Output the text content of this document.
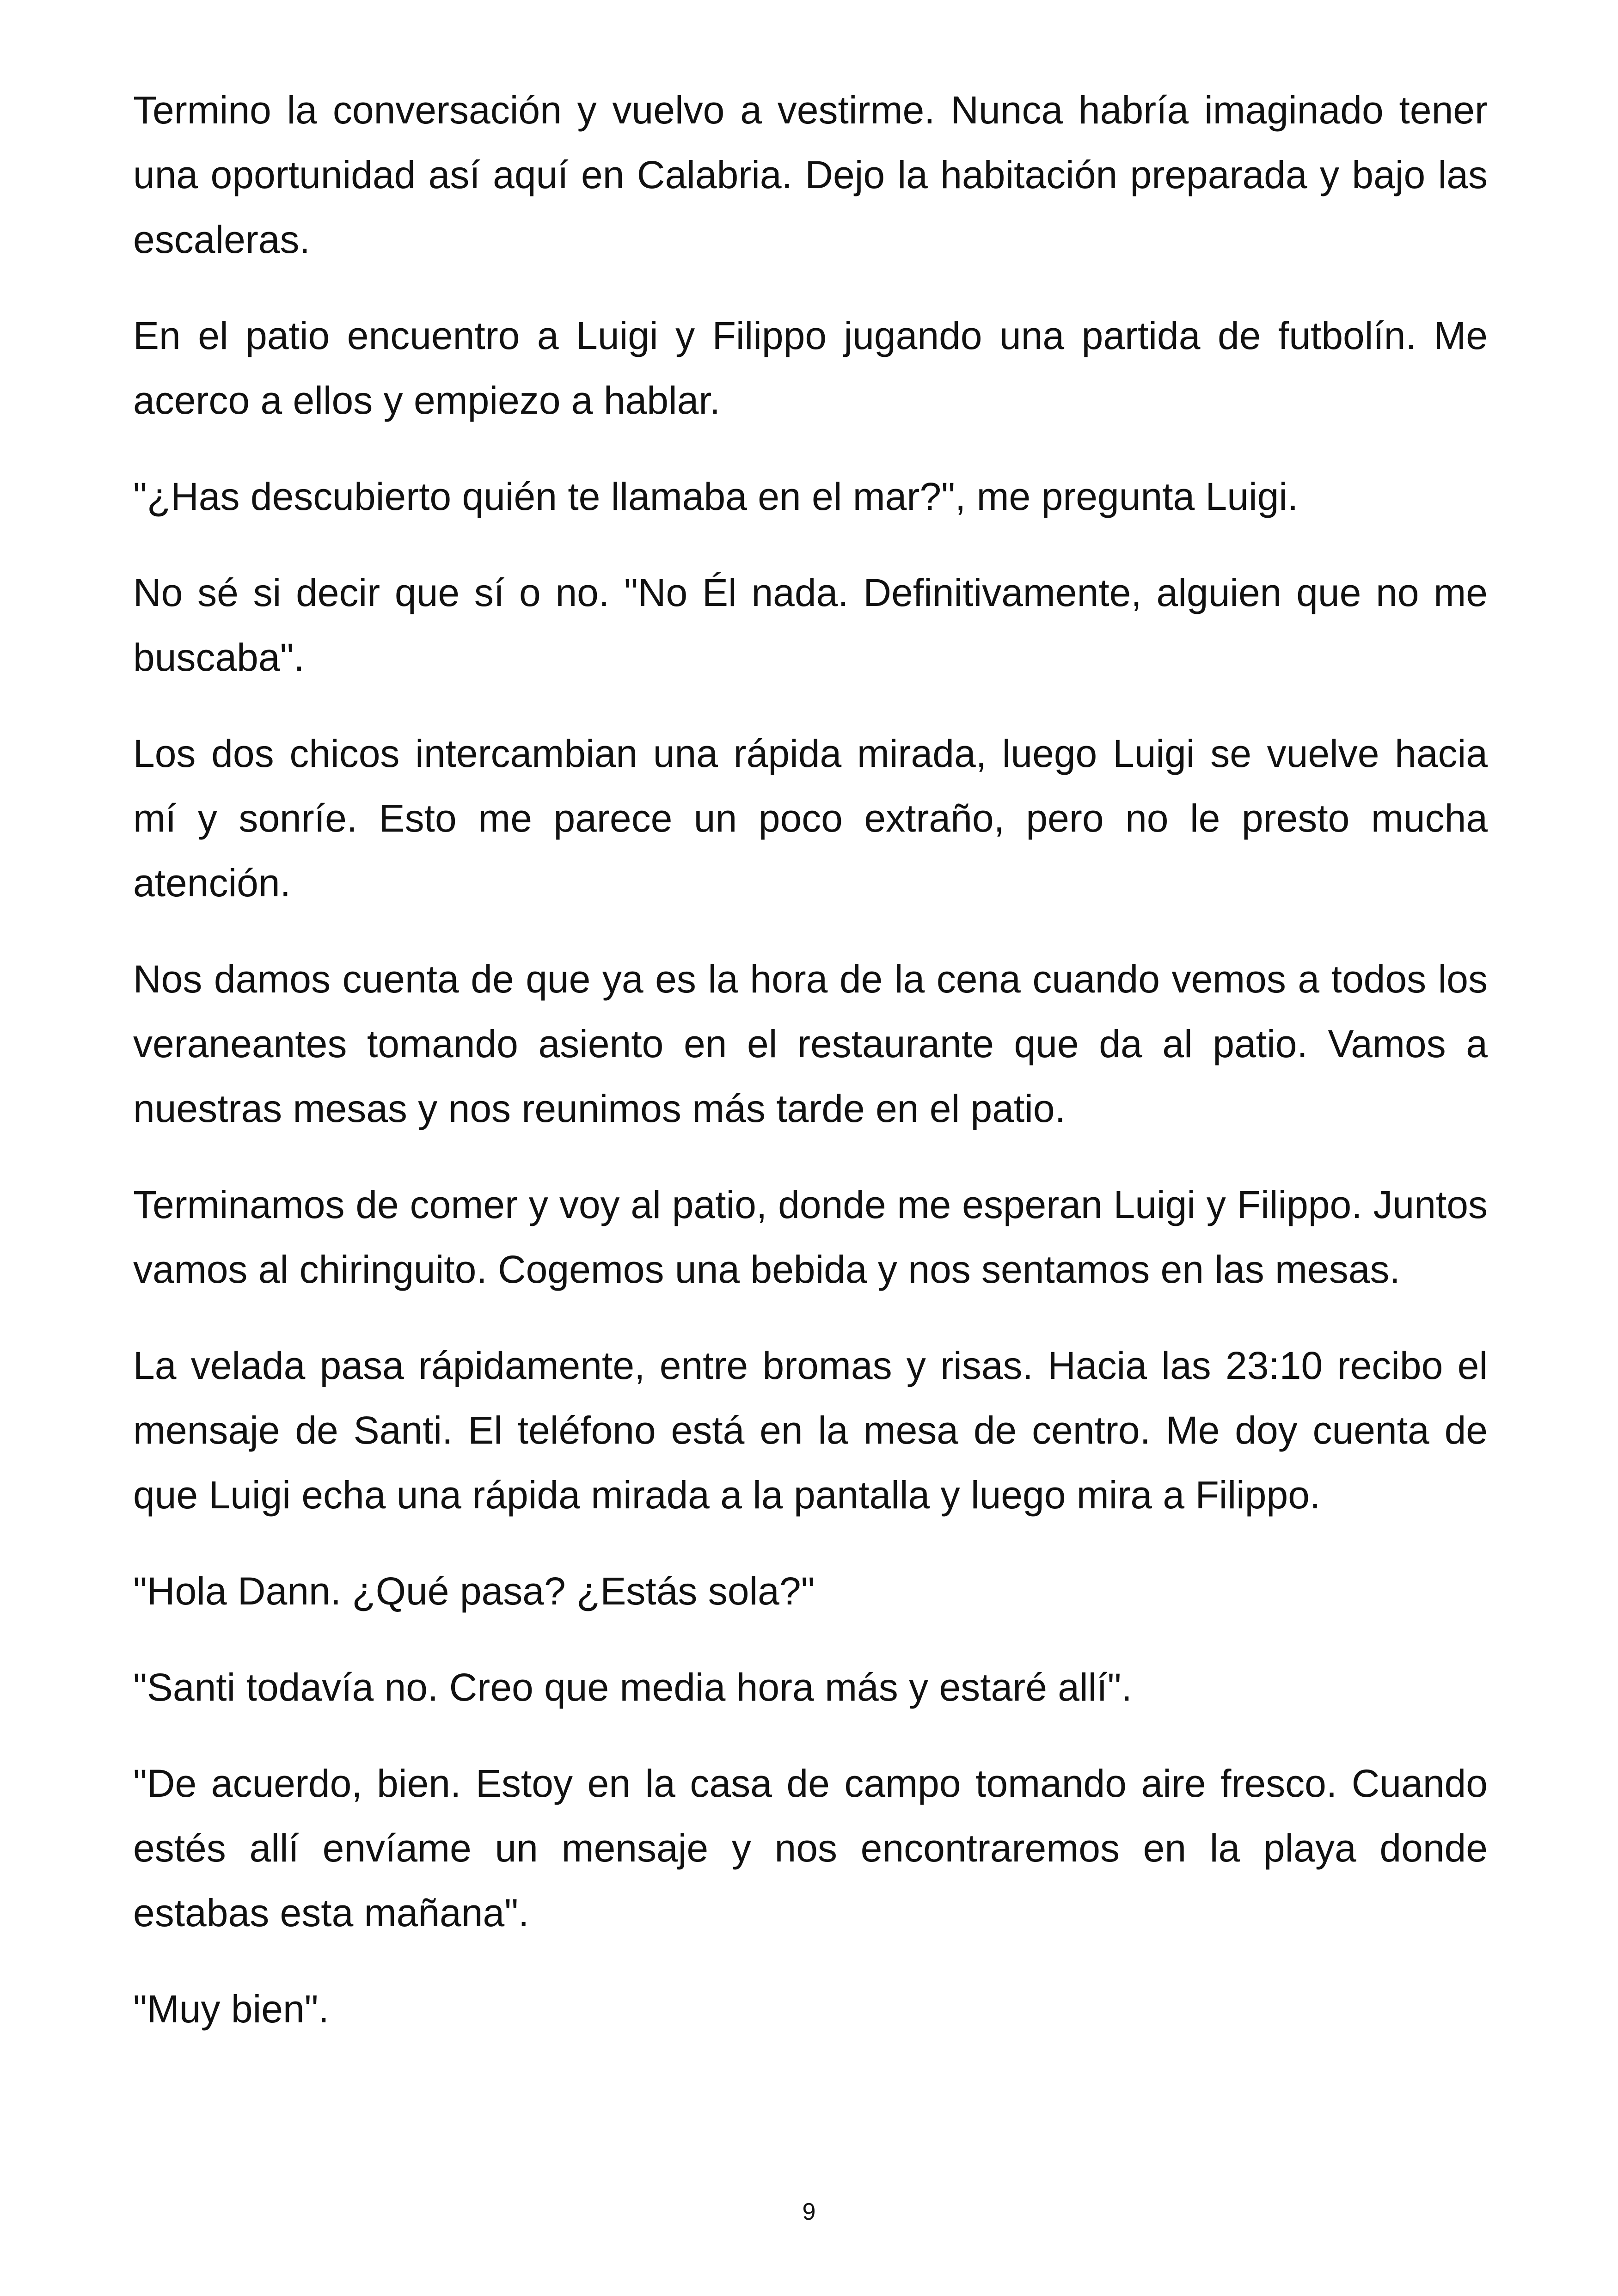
Termino la conversación y vuelvo a vestirme. Nunca habría imaginado tener una oportunidad así aquí en Calabria. Dejo la habitación preparada y bajo las escaleras.

En el patio encuentro a Luigi y Filippo jugando una partida de futbolín. Me acerco a ellos y empiezo a hablar.

"¿Has descubierto quién te llamaba en el mar?", me pregunta Luigi.

No sé si decir que sí o no. "No Él nada. Definitivamente, alguien que no me buscaba".

Los dos chicos intercambian una rápida mirada, luego Luigi se vuelve hacia mí y sonríe. Esto me parece un poco extraño, pero no le presto mucha atención.

Nos damos cuenta de que ya es la hora de la cena cuando vemos a todos los veraneantes tomando asiento en el restaurante que da al patio. Vamos a nuestras mesas y nos reunimos más tarde en el patio.

Terminamos de comer y voy al patio, donde me esperan Luigi y Filippo. Juntos vamos al chiringuito. Cogemos una bebida y nos sentamos en las mesas.

La velada pasa rápidamente, entre bromas y risas. Hacia las 23:10 recibo el mensaje de Santi. El teléfono está en la mesa de centro. Me doy cuenta de que Luigi echa una rápida mirada a la pantalla y luego mira a Filippo.

"Hola Dann. ¿Qué pasa? ¿Estás sola?"

"Santi todavía no. Creo que media hora más y estaré allí".

"De acuerdo, bien. Estoy en la casa de campo tomando aire fresco. Cuando estés allí envíame un mensaje y nos encontraremos en la playa donde estabas esta mañana".

"Muy bien".

9
